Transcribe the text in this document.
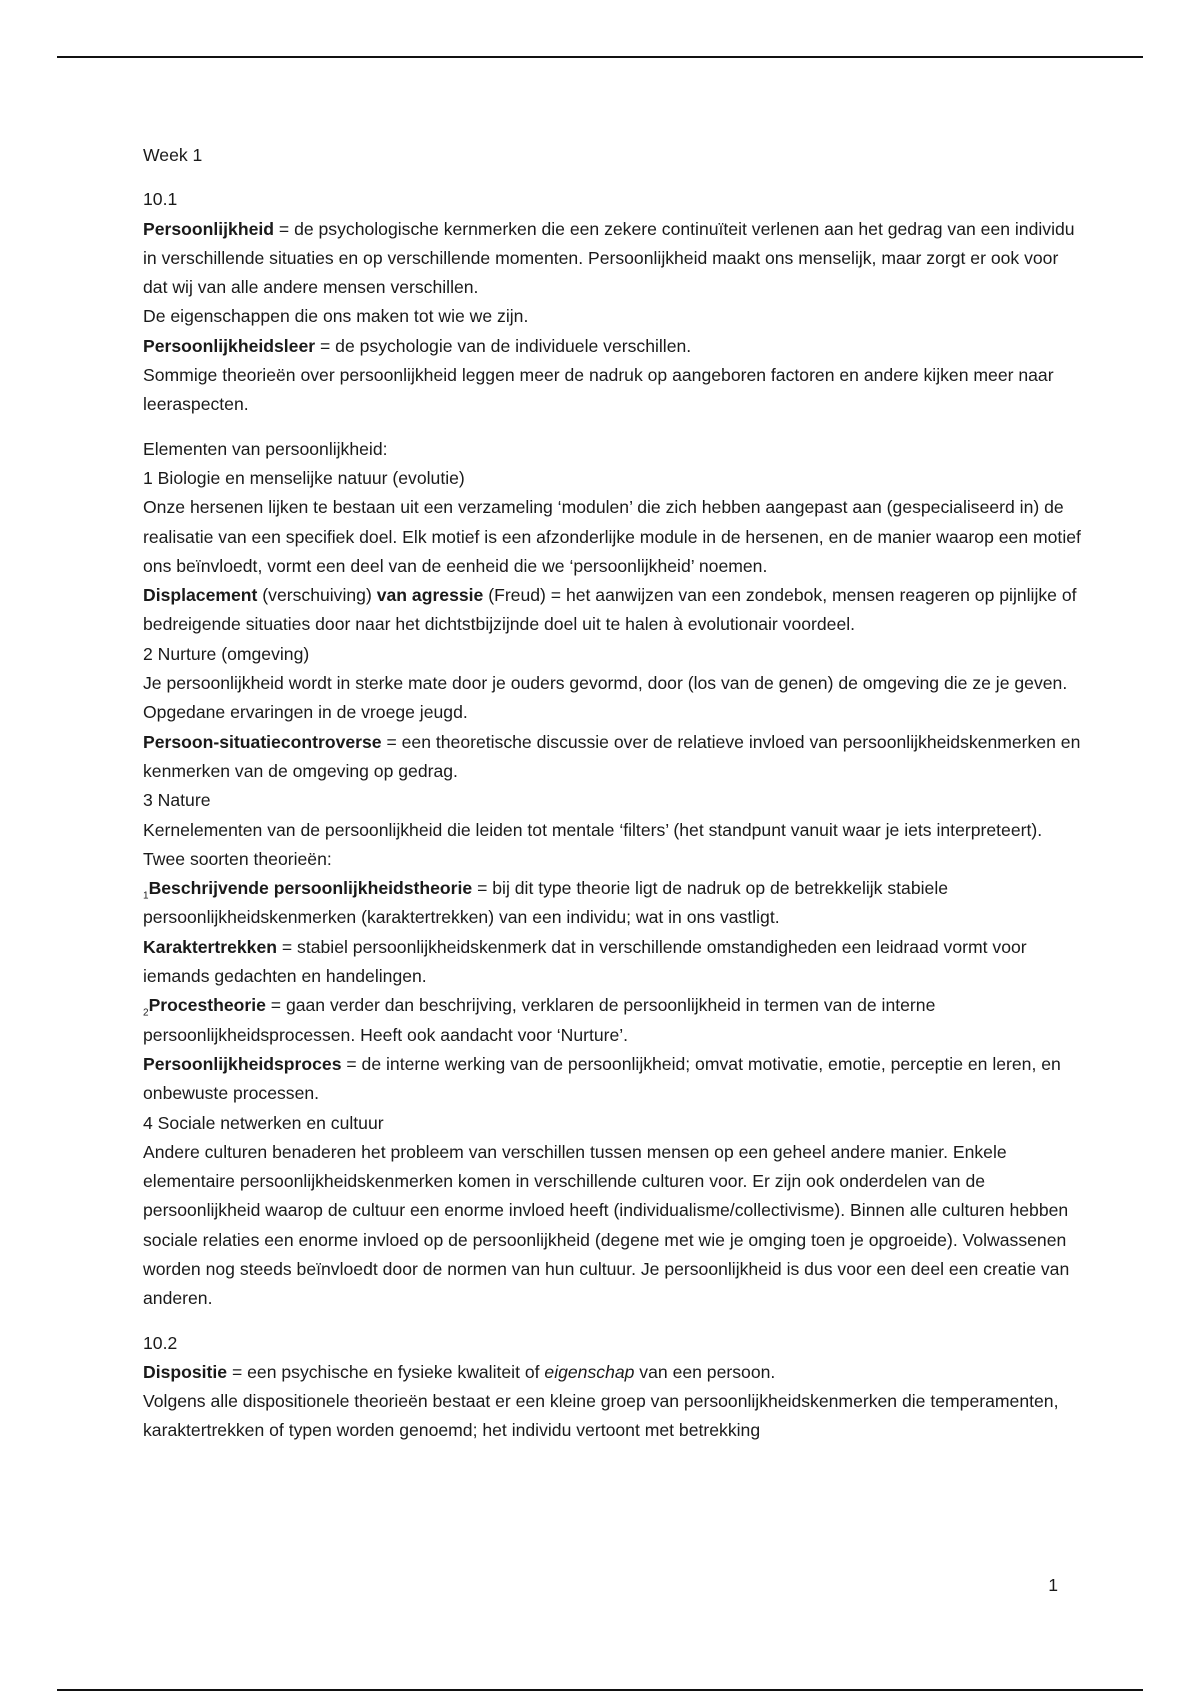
Week 1

10.1

Persoonlijkheid = de psychologische kernmerken die een zekere continuïteit verlenen aan het gedrag van een individu in verschillende situaties en op verschillende momenten. Persoonlijkheid maakt ons menselijk, maar zorgt er ook voor dat wij van alle andere mensen verschillen.

De eigenschappen die ons maken tot wie we zijn.

Persoonlijkheidsleer = de psychologie van de individuele verschillen.

Sommige theorieën over persoonlijkheid leggen meer de nadruk op aangeboren factoren en andere kijken meer naar leeraspecten.

Elementen van persoonlijkheid:

1 Biologie en menselijke natuur (evolutie)

Onze hersenen lijken te bestaan uit een verzameling ‘modulen’ die zich hebben aangepast aan (gespecialiseerd in) de realisatie van een specifiek doel. Elk motief is een afzonderlijke module in de hersenen, en de manier waarop een motief ons beïnvloedt, vormt een deel van de eenheid die we ‘persoonlijkheid’ noemen.

Displacement (verschuiving) van agressie (Freud) = het aanwijzen van een zondebok, mensen reageren op pijnlijke of bedreigende situaties door naar het dichtstbijzijnde doel uit te halen à evolutionair voordeel.

2 Nurture (omgeving)

Je persoonlijkheid wordt in sterke mate door je ouders gevormd, door (los van de genen) de omgeving die ze je geven. Opgedane ervaringen in de vroege jeugd.

Persoon-situatiecontroverse = een theoretische discussie over de relatieve invloed van persoonlijkheidskenmerken en kenmerken van de omgeving op gedrag.

3 Nature

Kernelementen van de persoonlijkheid die leiden tot mentale ‘filters’ (het standpunt vanuit waar je iets interpreteert). Twee soorten theorieën:

$_1$Beschrijvende persoonlijkheidstheorie = bij dit type theorie ligt de nadruk op de betrekkelijk stabiele persoonlijkheidskenmerken (karaktertrekken) van een individu; wat in ons vastligt.

Karaktertrekken = stabiel persoonlijkheidskenmerk dat in verschillende omstandigheden een leidraad vormt voor iemands gedachten en handelingen.

$_2$Procestheorie = gaan verder dan beschrijving, verklaren de persoonlijkheid in termen van de interne persoonlijkheidsprocessen. Heeft ook aandacht voor ‘Nurture’.

Persoonlijkheidsproces = de interne werking van de persoonlijkheid; omvat motivatie, emotie, perceptie en leren, en onbewuste processen.

4 Sociale netwerken en cultuur

Andere culturen benaderen het probleem van verschillen tussen mensen op een geheel andere manier. Enkele elementaire persoonlijkheidskenmerken komen in verschillende culturen voor. Er zijn ook onderdelen van de persoonlijkheid waarop de cultuur een enorme invloed heeft (individualisme/collectivisme). Binnen alle culturen hebben sociale relaties een enorme invloed op de persoonlijkheid (degene met wie je omging toen je opgroeide). Volwassenen worden nog steeds beïnvloedt door de normen van hun cultuur. Je persoonlijkheid is dus voor een deel een creatie van anderen.

10.2

Dispositie = een psychische en fysieke kwaliteit of eigenschap van een persoon.

Volgens alle dispositionele theorieën bestaat er een kleine groep van persoonlijkheidskenmerken die temperamenten, karaktertrekken of typen worden genoemd; het individu vertoont met betrekking

1
